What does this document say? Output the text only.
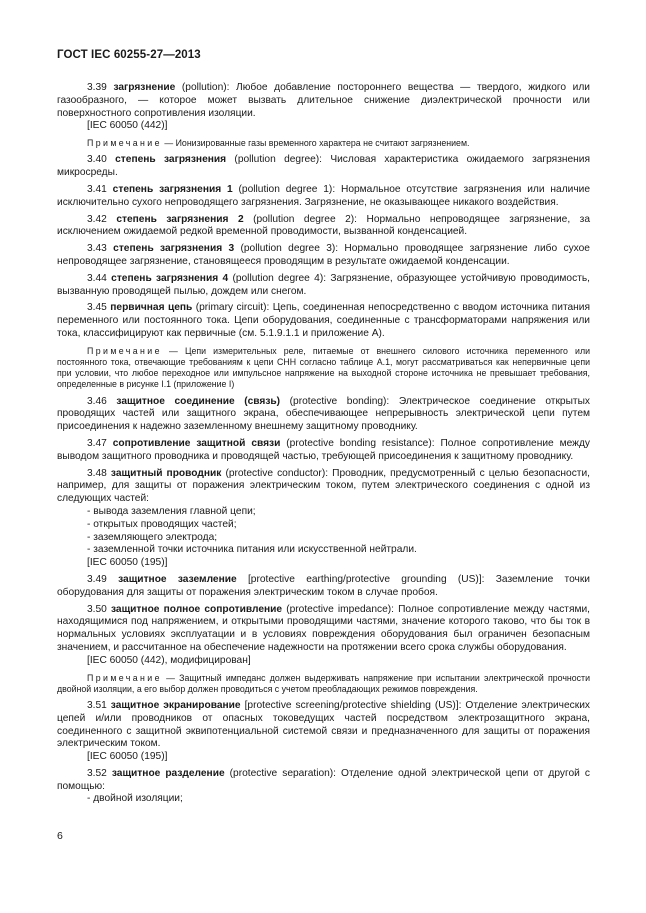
ГОСТ IEC 60255-27—2013

3.39 загрязнение (pollution): Любое добавление постороннего вещества — твердого, жидкого или газообразного, — которое может вызвать длительное снижение диэлектрической прочности или поверхностного сопротивления изоляции.

[IEC 60050 (442)]

Примечание — Ионизированные газы временного характера не считают загрязнением.

3.40 степень загрязнения (pollution degree): Числовая характеристика ожидаемого загрязнения микросреды.

3.41 степень загрязнения 1 (pollution degree 1): Нормальное отсутствие загрязнения или наличие исключительно сухого непроводящего загрязнения. Загрязнение, не оказывающее никакого воздействия.

3.42 степень загрязнения 2 (pollution degree 2): Нормально непроводящее загрязнение, за исключением ожидаемой редкой временной проводимости, вызванной конденсацией.

3.43 степень загрязнения 3 (pollution degree 3): Нормально проводящее загрязнение либо сухое непроводящее загрязнение, становящееся проводящим в результате ожидаемой конденсации.

3.44 степень загрязнения 4 (pollution degree 4): Загрязнение, образующее устойчивую проводимость, вызванную проводящей пылью, дождем или снегом.

3.45 первичная цепь (primary circuit): Цепь, соединенная непосредственно с вводом источника питания переменного или постоянного тока. Цепи оборудования, соединенные с трансформаторами напряжения или тока, классифицируют как первичные (см. 5.1.9.1.1 и приложение А).

Примечание — Цепи измерительных реле, питаемые от внешнего силового источника переменного или постоянного тока, отвечающие требованиям к цепи СНН согласно таблице А.1, могут рассматриваться как непервичные цепи при условии, что любое переходное или импульсное напряжение на выходной стороне источника не превышает требования, определенные в рисунке I.1 (приложение I)

3.46 защитное соединение (связь) (protective bonding): Электрическое соединение открытых проводящих частей или защитного экрана, обеспечивающее непрерывность электрической цепи путем присоединения к надежно заземленному внешнему защитному проводнику.

3.47 сопротивление защитной связи (protective bonding resistance): Полное сопротивление между выводом защитного проводника и проводящей частью, требующей присоединения к защитному проводнику.

3.48 защитный проводник (protective conductor): Проводник, предусмотренный с целью безопасности, например, для защиты от поражения электрическим током, путем электрического соединения с одной из следующих частей:

- вывода заземления главной цепи;

- открытых проводящих частей;

- заземляющего электрода;

- заземленной точки источника питания или искусственной нейтрали.

[IEC 60050 (195)]

3.49 защитное заземление [protective earthing/protective grounding (US)]: Заземление точки оборудования для защиты от поражения электрическим током в случае пробоя.

3.50 защитное полное сопротивление (protective impedance): Полное сопротивление между частями, находящимися под напряжением, и открытыми проводящими частями, значение которого таково, что бы ток в нормальных условиях эксплуатации и в условиях повреждения оборудования был ограничен безопасным значением, и рассчитанное на обеспечение надежности на протяжении всего срока службы оборудования.

[IEC 60050 (442), модифицирован]

Примечание — Защитный импеданс должен выдерживать напряжение при испытании электрической прочности двойной изоляции, а его выбор должен проводиться с учетом преобладающих режимов повреждения.

3.51 защитное экранирование [protective screening/protective shielding (US)]: Отделение электрических цепей и/или проводников от опасных токоведущих частей посредством электрозащитного экрана, соединенного с защитной эквипотенциальной системой связи и предназначенного для защиты от поражения электрическим током.

[IEC 60050 (195)]

3.52 защитное разделение (protective separation): Отделение одной электрической цепи от другой с помощью:

- двойной изоляции;

6
